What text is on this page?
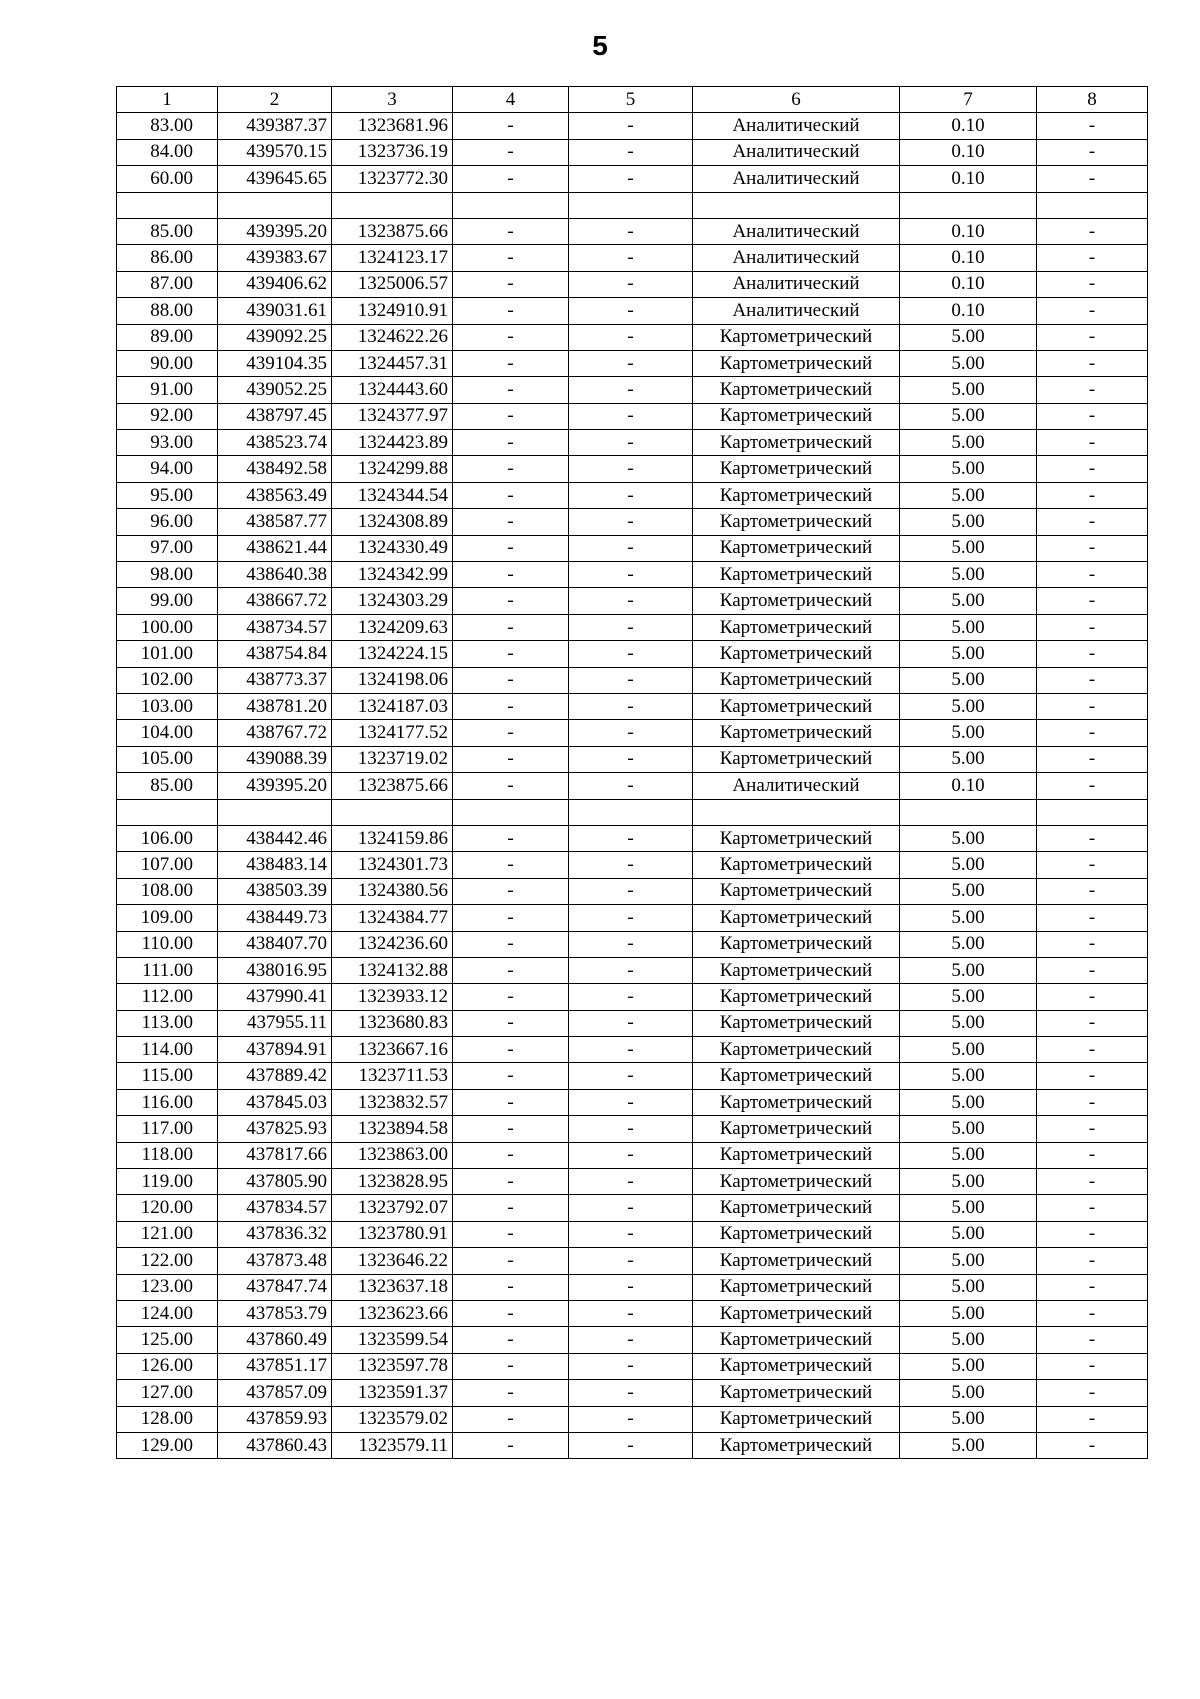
5
1	2	3	4	5	6	7	8
83.00	439387.37	1323681.96	-	-	Аналитический	0.10	-
84.00	439570.15	1323736.19	-	-	Аналитический	0.10	-
60.00	439645.65	1323772.30	-	-	Аналитический	0.10	-

85.00	439395.20	1323875.66	-	-	Аналитический	0.10	-
86.00	439383.67	1324123.17	-	-	Аналитический	0.10	-
87.00	439406.62	1325006.57	-	-	Аналитический	0.10	-
88.00	439031.61	1324910.91	-	-	Аналитический	0.10	-
89.00	439092.25	1324622.26	-	-	Картометрический	5.00	-
90.00	439104.35	1324457.31	-	-	Картометрический	5.00	-
91.00	439052.25	1324443.60	-	-	Картометрический	5.00	-
92.00	438797.45	1324377.97	-	-	Картометрический	5.00	-
93.00	438523.74	1324423.89	-	-	Картометрический	5.00	-
94.00	438492.58	1324299.88	-	-	Картометрический	5.00	-
95.00	438563.49	1324344.54	-	-	Картометрический	5.00	-
96.00	438587.77	1324308.89	-	-	Картометрический	5.00	-
97.00	438621.44	1324330.49	-	-	Картометрический	5.00	-
98.00	438640.38	1324342.99	-	-	Картометрический	5.00	-
99.00	438667.72	1324303.29	-	-	Картометрический	5.00	-
100.00	438734.57	1324209.63	-	-	Картометрический	5.00	-
101.00	438754.84	1324224.15	-	-	Картометрический	5.00	-
102.00	438773.37	1324198.06	-	-	Картометрический	5.00	-
103.00	438781.20	1324187.03	-	-	Картометрический	5.00	-
104.00	438767.72	1324177.52	-	-	Картометрический	5.00	-
105.00	439088.39	1323719.02	-	-	Картометрический	5.00	-
85.00	439395.20	1323875.66	-	-	Аналитический	0.10	-

106.00	438442.46	1324159.86	-	-	Картометрический	5.00	-
107.00	438483.14	1324301.73	-	-	Картометрический	5.00	-
108.00	438503.39	1324380.56	-	-	Картометрический	5.00	-
109.00	438449.73	1324384.77	-	-	Картометрический	5.00	-
110.00	438407.70	1324236.60	-	-	Картометрический	5.00	-
111.00	438016.95	1324132.88	-	-	Картометрический	5.00	-
112.00	437990.41	1323933.12	-	-	Картометрический	5.00	-
113.00	437955.11	1323680.83	-	-	Картометрический	5.00	-
114.00	437894.91	1323667.16	-	-	Картометрический	5.00	-
115.00	437889.42	1323711.53	-	-	Картометрический	5.00	-
116.00	437845.03	1323832.57	-	-	Картометрический	5.00	-
117.00	437825.93	1323894.58	-	-	Картометрический	5.00	-
118.00	437817.66	1323863.00	-	-	Картометрический	5.00	-
119.00	437805.90	1323828.95	-	-	Картометрический	5.00	-
120.00	437834.57	1323792.07	-	-	Картометрический	5.00	-
121.00	437836.32	1323780.91	-	-	Картометрический	5.00	-
122.00	437873.48	1323646.22	-	-	Картометрический	5.00	-
123.00	437847.74	1323637.18	-	-	Картометрический	5.00	-
124.00	437853.79	1323623.66	-	-	Картометрический	5.00	-
125.00	437860.49	1323599.54	-	-	Картометрический	5.00	-
126.00	437851.17	1323597.78	-	-	Картометрический	5.00	-
127.00	437857.09	1323591.37	-	-	Картометрический	5.00	-
128.00	437859.93	1323579.02	-	-	Картометрический	5.00	-
129.00	437860.43	1323579.11	-	-	Картометрический	5.00	-
